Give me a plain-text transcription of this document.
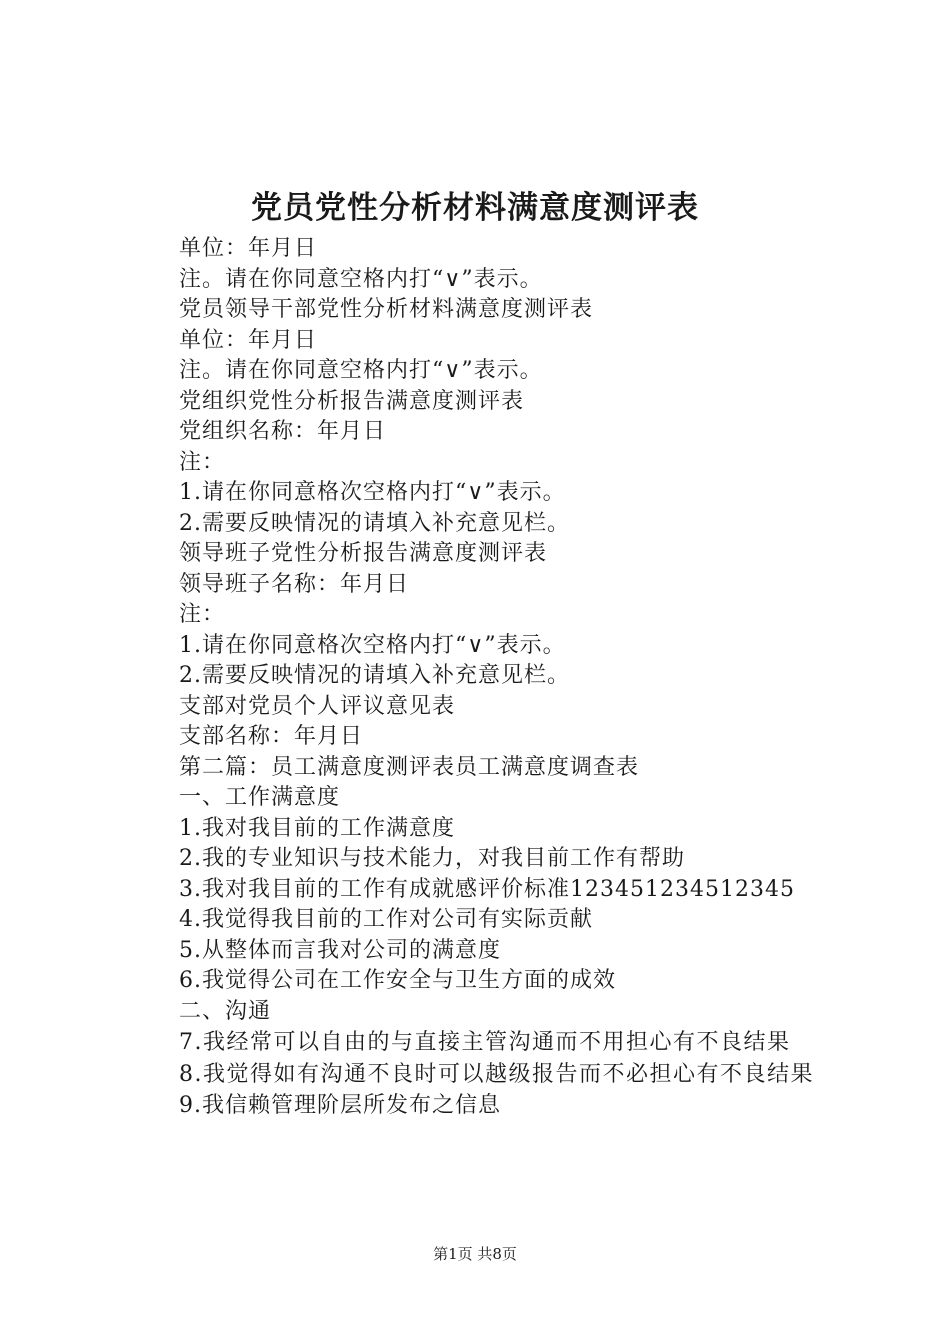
党员党性分析材料满意度测评表
单位：年月日
注。请在你同意空格内打“∨”表示。
党员领导干部党性分析材料满意度测评表
单位：年月日
注。请在你同意空格内打“∨”表示。
党组织党性分析报告满意度测评表
党组织名称：年月日
注：
1.请在你同意格次空格内打“∨”表示。
2.需要反映情况的请填入补充意见栏。
领导班子党性分析报告满意度测评表
领导班子名称：年月日
注：
1.请在你同意格次空格内打“∨”表示。
2.需要反映情况的请填入补充意见栏。
支部对党员个人评议意见表
支部名称：年月日
第二篇：员工满意度测评表员工满意度调查表
一、工作满意度
1.我对我目前的工作满意度
2.我的专业知识与技术能力，对我目前工作有帮助
3.我对我目前的工作有成就感评价标准123451234512345
4.我觉得我目前的工作对公司有实际贡献
5.从整体而言我对公司的满意度
6.我觉得公司在工作安全与卫生方面的成效
二、沟通
7.我经常可以自由的与直接主管沟通而不用担心有不良结果
8.我觉得如有沟通不良时可以越级报告而不必担心有不良结果
9.我信赖管理阶层所发布之信息
第1页 共8页
